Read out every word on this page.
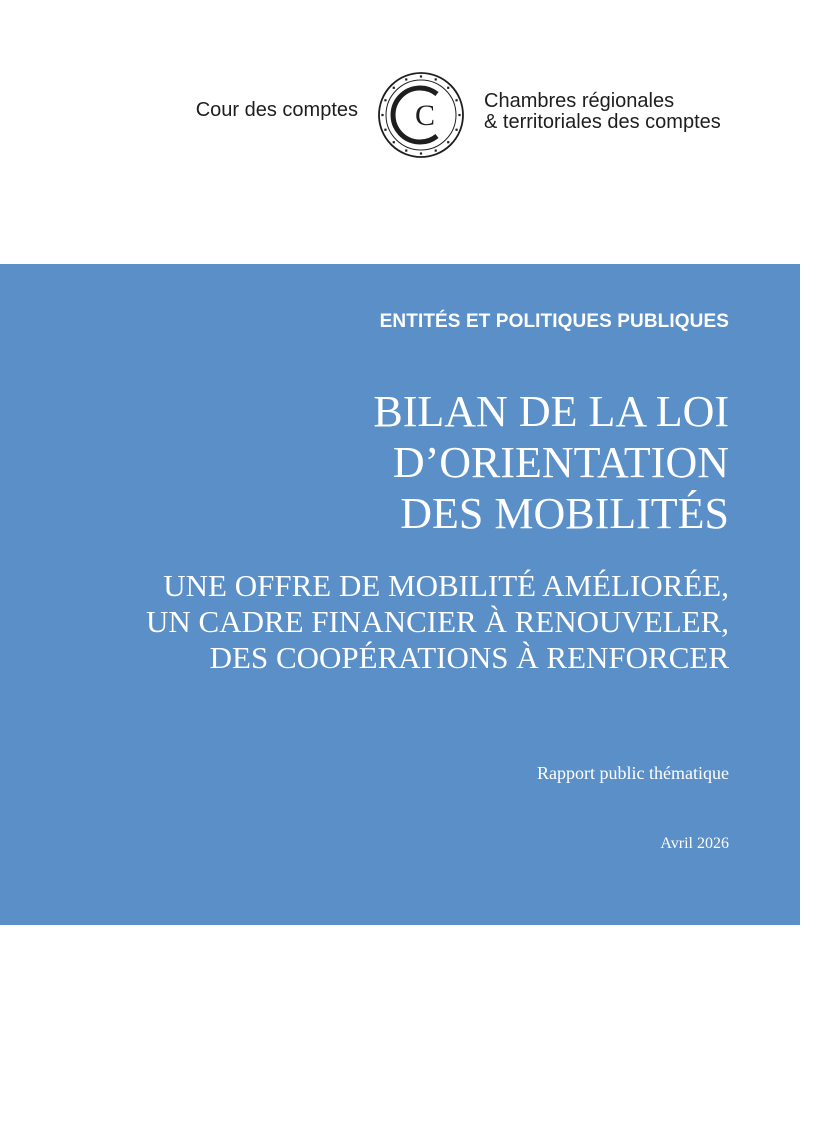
Cour des comptes C Chambres régionales
& territoriales des comptes
ENTITÉS ET POLITIQUES PUBLIQUES
BILAN DE LA LOI
D’ORIENTATION
DES MOBILITÉS
UNE OFFRE DE MOBILITÉ AMÉLIORÉE,
UN CADRE FINANCIER À RENOUVELER,
DES COOPÉRATIONS À RENFORCER
Rapport public thématique
Avril 2026
